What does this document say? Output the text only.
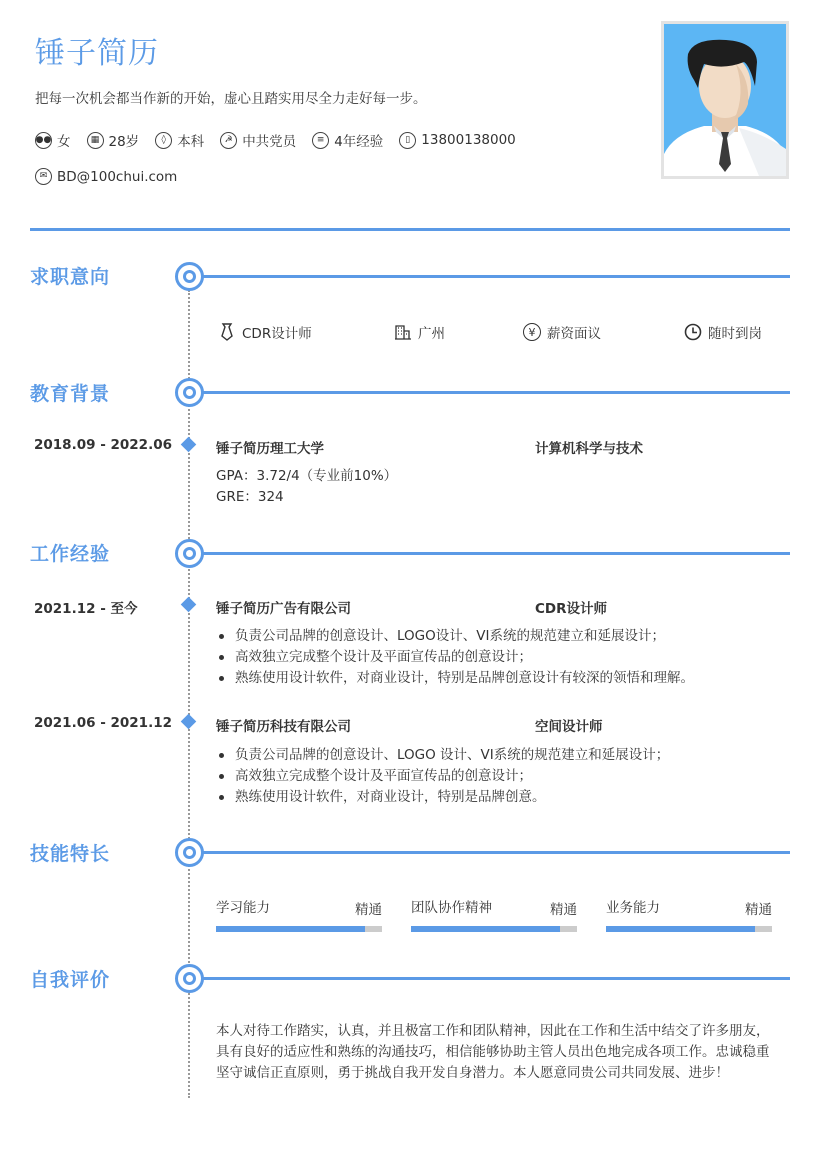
锤子简历

把每一次机会都当作新的开始，虚心且踏实用尽全力走好每一步。

●● 女	▦ 28岁	◊ 本科	☭ 中共党员	≡ 4年经验	▯ 13800138000
✉ BD@100chui.com
求职意向
CDR设计师	广州	¥ 薪资面议	随时到岗
教育背景
2018.09 - 2022.06	锤子简历理工大学	计算机科学与技术
GPA：3.72/4（专业前10%）
GRE：324
工作经验
2021.12 - 至今	锤子简历广告有限公司	CDR设计师
负责公司品牌的创意设计、LOGO设计、VI系统的规范建立和延展设计；
高效独立完成整个设计及平面宣传品的创意设计；
熟练使用设计软件，对商业设计，特别是品牌创意设计有较深的领悟和理解。
2021.06 - 2021.12	锤子简历科技有限公司	空间设计师
负责公司品牌的创意设计、LOGO 设计、VI系统的规范建立和延展设计；
高效独立完成整个设计及平面宣传品的创意设计；
熟练使用设计软件，对商业设计，特别是品牌创意。
技能特长
学习能力	精通 团队协作精神	精通 业务能力	精通
自我评价

本人对待工作踏实，认真，并且极富工作和团队精神，因此在工作和生活中结交了许多朋友，具有良好的适应性和熟练的沟通技巧，相信能够协助主管人员出色地完成各项工作。忠诚稳重坚守诚信正直原则，勇于挑战自我开发自身潜力。本人愿意同贵公司共同发展、进步！
